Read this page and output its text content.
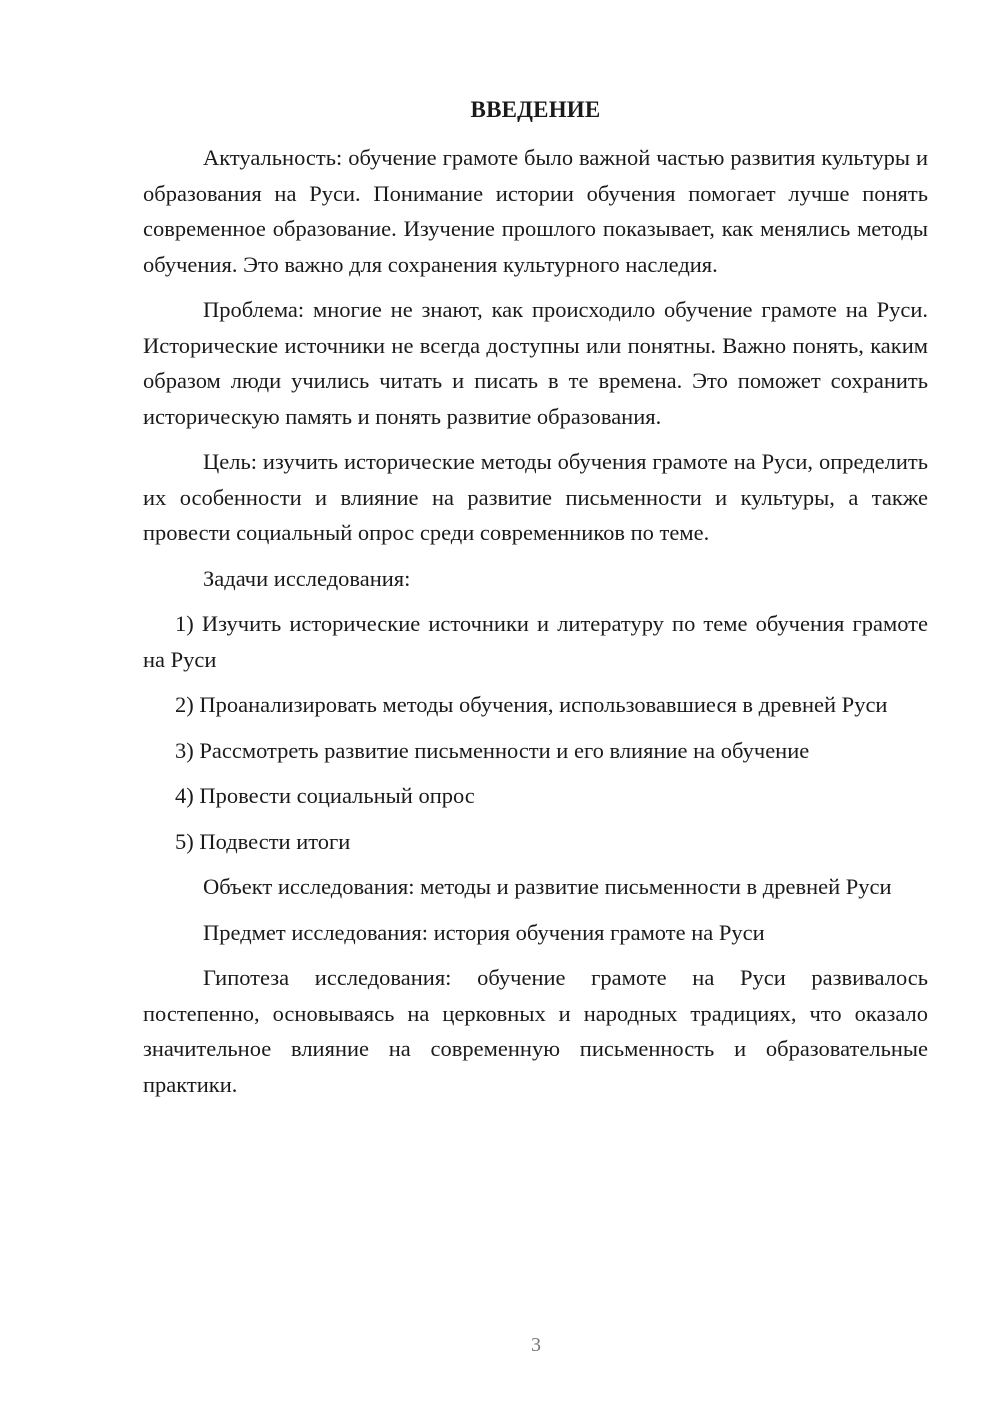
ВВЕДЕНИЕ

Актуальность: обучение грамоте было важной частью развития культуры и образования на Руси. Понимание истории обучения помогает лучше понять современное образование. Изучение прошлого показывает, как менялись методы обучения. Это важно для сохранения культурного наследия.

Проблема: многие не знают, как происходило обучение грамоте на Руси. Исторические источники не всегда доступны или понятны. Важно понять, каким образом люди учились читать и писать в те времена. Это поможет сохранить историческую память и понять развитие образования.

Цель: изучить исторические методы обучения грамоте на Руси, определить их особенности и влияние на развитие письменности и культуры, а также провести социальный опрос среди современников по теме.

Задачи исследования:

1) Изучить исторические источники и литературу по теме обучения грамоте на Руси

2) Проанализировать методы обучения, использовавшиеся в древней Руси

3) Рассмотреть развитие письменности и его влияние на обучение

4) Провести социальный опрос

5) Подвести итоги

Объект исследования: методы и развитие письменности в древней Руси

Предмет исследования: история обучения грамоте на Руси

Гипотеза исследования: обучение грамоте на Руси развивалось постепенно, основываясь на церковных и народных традициях, что оказало значительное влияние на современную письменность и образовательные практики.

3
